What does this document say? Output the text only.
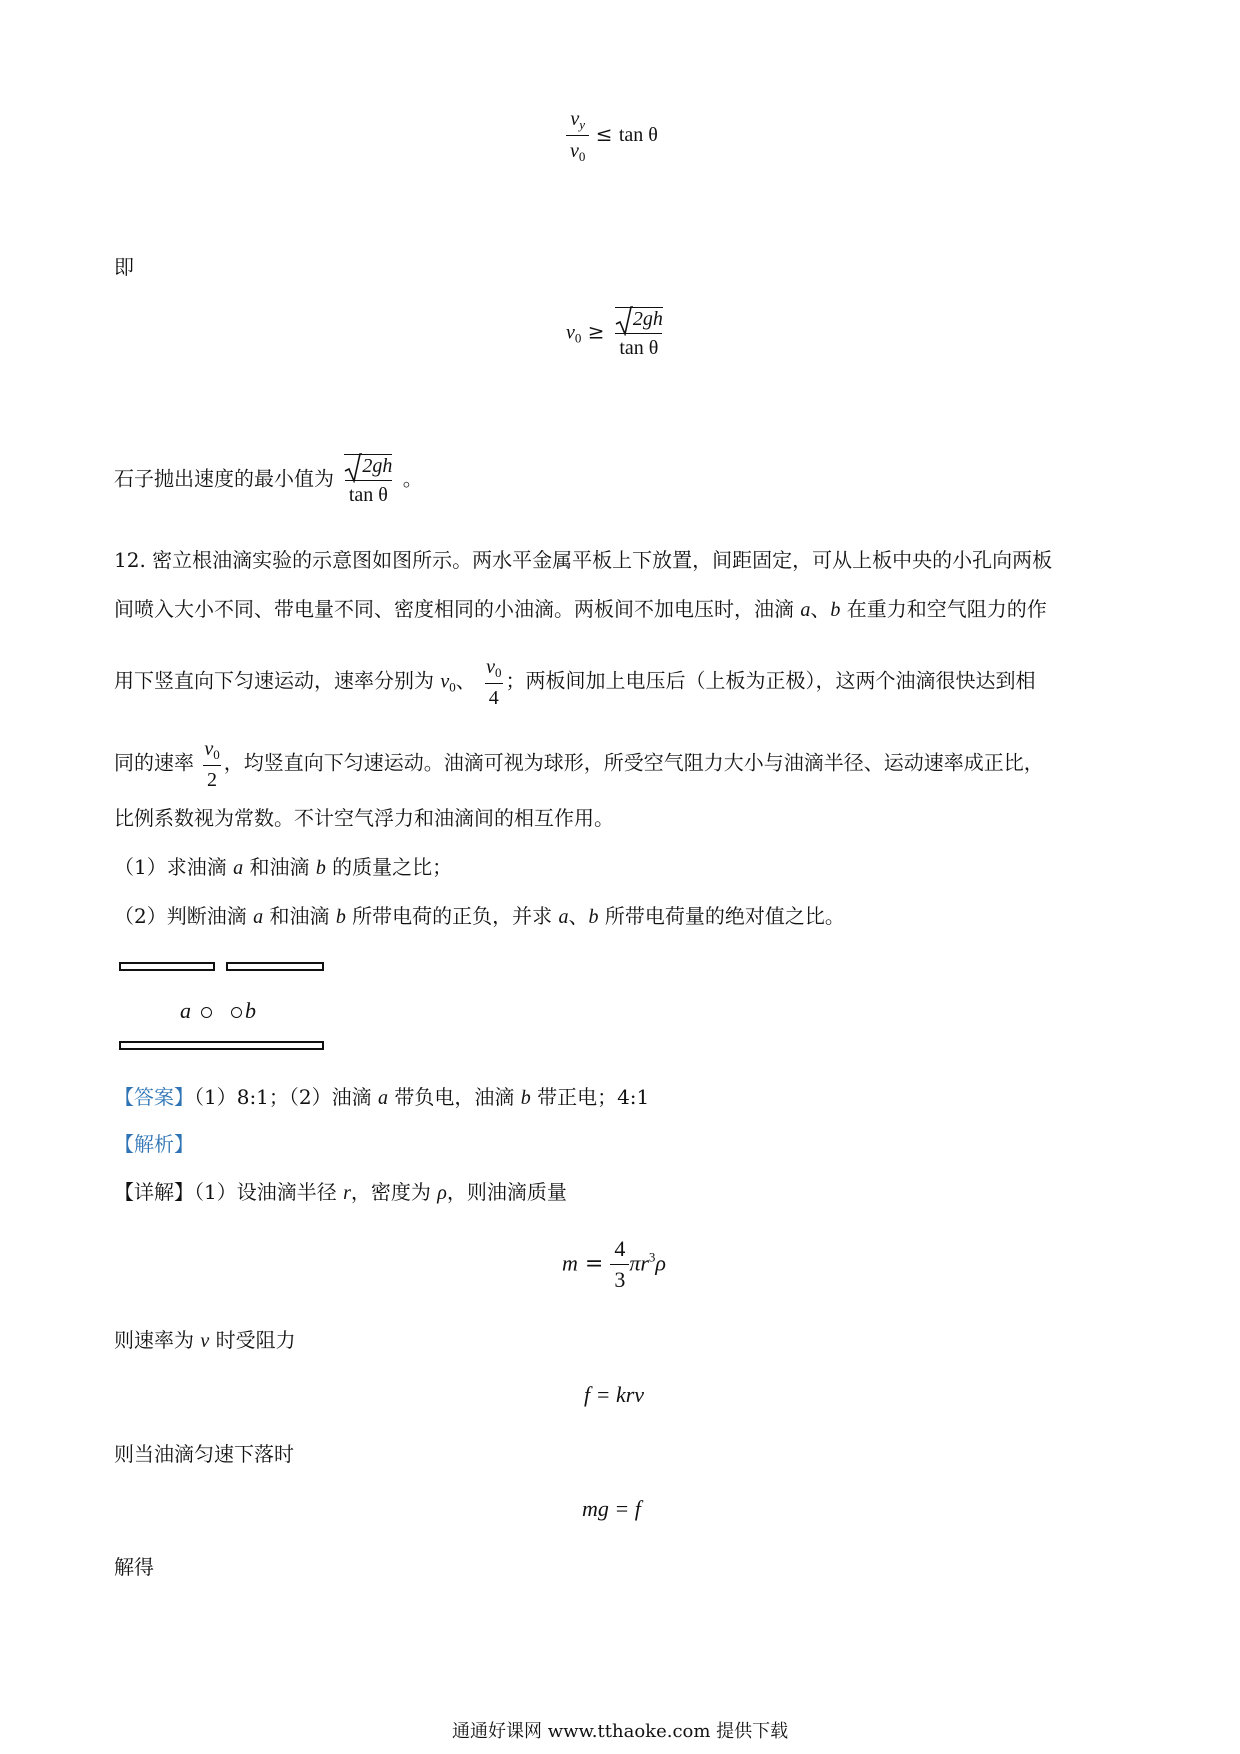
$\frac{v_y}{v_0} \le \tan \theta$
即
$v_0 \ge \frac{2gh}{\text{tan θ}}$
石子抛出速度的最小值为 $\frac{2gh}{\text{tan θ}}$ 。
12. 密立根油滴实验的示意图如图所示。两水平金属平板上下放置，间距固定，可从上板中央的小孔向两板
间喷入大小不同、带电量不同、密度相同的小油滴。两板间不加电压时，油滴 a、b 在重力和空气阻力的作
用下竖直向下匀速运动，速率分别为 $v_0$、 $\frac{v_0}{4}$ ；两板间加上电压后（上板为正极），这两个油滴很快达到相
同的速率 $\frac{v_0}{2}$ ，均竖直向下匀速运动。油滴可视为球形，所受空气阻力大小与油滴半径、运动速率成正比，
比例系数视为常数。不计空气浮力和油滴间的相互作用。
（1）求油滴 a 和油滴 b 的质量之比；
（2）判断油滴 a 和油滴 b 所带电荷的正负，并求 a、b 所带电荷量的绝对值之比。
a b
【答案】（1）8:1；（2）油滴 a 带负电，油滴 b 带正电；4:1
【解析】
【详解】（1）设油滴半径 r，密度为 ρ，则油滴质量
$m = \frac{4}{3} \pi r^3\rho$
则速率为 v 时受阻力
f = krv
则当油滴匀速下落时
mg = f
解得
通通好课网 www.tthaoke.com 提供下载
